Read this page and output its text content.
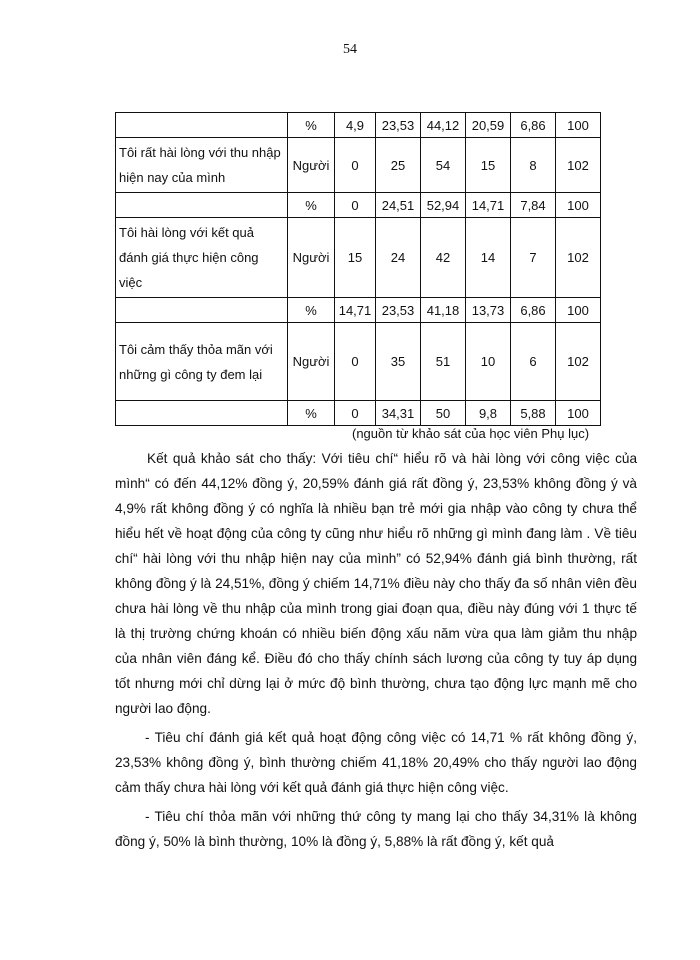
54
	%	4,9	23,53	44,12	20,59	6,86	100
Tôi rất hài lòng với thu nhập hiện nay của mình	Người	0	25	54	15	8	102
	%	0	24,51	52,94	14,71	7,84	100
Tôi hài lòng với kết quả đánh giá thực hiện công việc	Người	15	24	42	14	7	102
	%	14,71	23,53	41,18	13,73	6,86	100
Tôi cảm thấy thỏa mãn với những gì công ty đem lại	Người	0	35	51	10	6	102
	%	0	34,31	50	9,8	5,88	100
(nguồn từ khảo sát của học viên Phụ lục)

Kết quả khảo sát cho thấy: Với tiêu chí“ hiểu rõ và hài lòng với công việc của mình“ có đến 44,12% đồng ý, 20,59% đánh giá rất đồng ý, 23,53% không đồng ý và 4,9% rất không đồng ý có nghĩa là nhiều bạn trẻ mới gia nhập vào công ty chưa thể hiểu hết về hoạt động của công ty cũng như hiểu rõ những gì mình đang làm . Về tiêu chí“ hài lòng với thu nhập hiện nay của mình” có 52,94% đánh giá bình thường, rất không đồng ý là 24,51%, đồng ý chiếm 14,71% điều này cho thấy đa số nhân viên đều chưa hài lòng về thu nhập của mình trong giai đoạn qua, điều này đúng với 1 thực tế là thị trường chứng khoán có nhiều biến động xấu năm vừa qua làm giảm thu nhập của nhân viên đáng kể. Điều đó cho thấy chính sách lương của công ty tuy áp dụng tốt nhưng mới chỉ dừng lại ở mức độ bình thường, chưa tạo động lực mạnh mẽ cho người lao động.

- Tiêu chí đánh giá kết quả hoạt động công việc có 14,71 % rất không đồng ý, 23,53% không đồng ý, bình thường chiếm 41,18% 20,49% cho thấy người lao động cảm thấy chưa hài lòng với kết quả đánh giá thực hiện công việc.

- Tiêu chí thỏa mãn với những thứ công ty mang lại cho thấy 34,31% là không đồng ý, 50% là bình thường, 10% là đồng ý, 5,88% là rất đồng ý, kết quả
